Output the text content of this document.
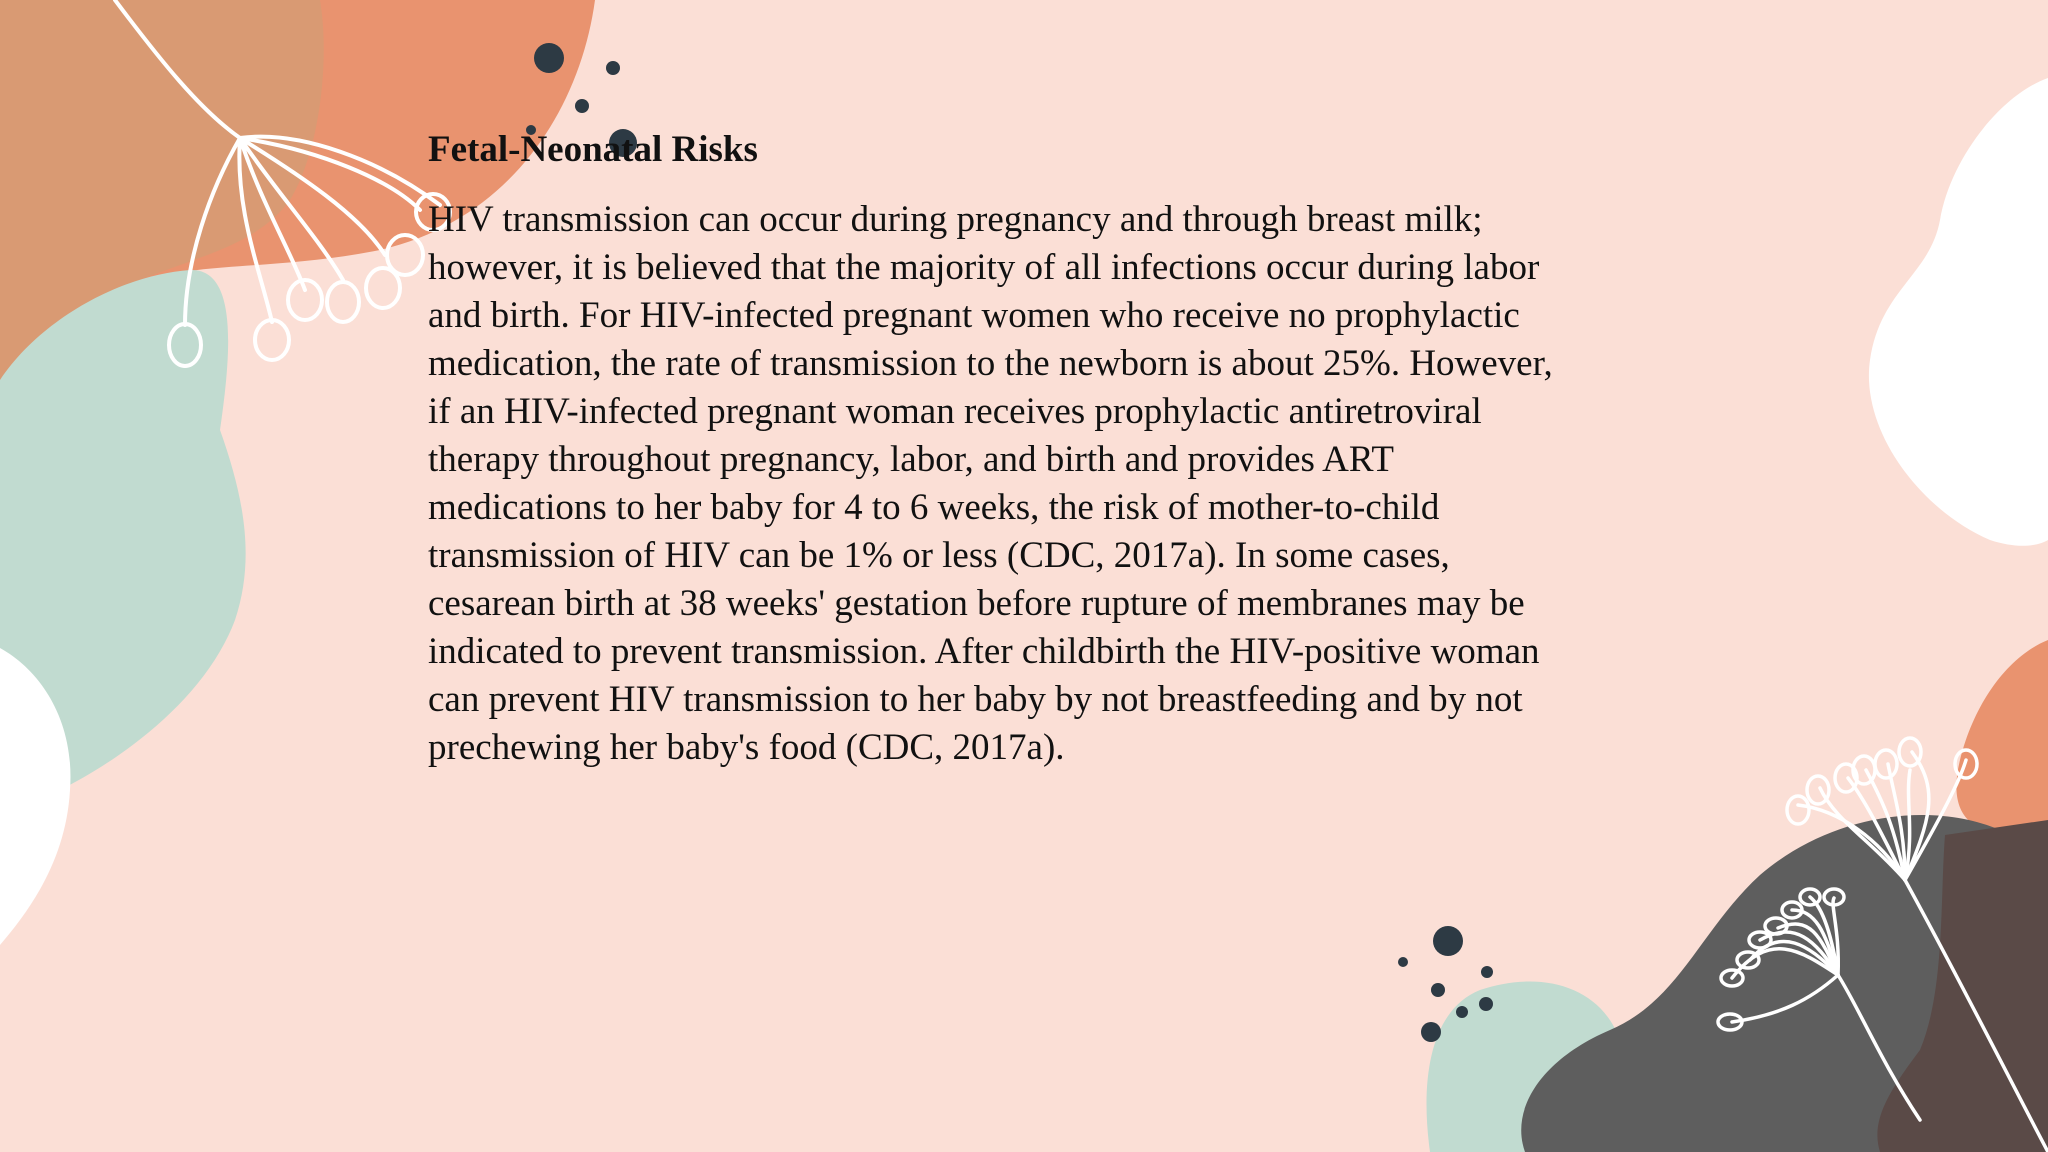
Fetal-Neonatal Risks

HIV transmission can occur during pregnancy and through breast milk; however, it is believed that the majority of all infections occur during labor and birth. For HIV-infected pregnant women who receive no prophylactic medication, the rate of transmission to the newborn is about 25%. However, if an HIV-infected pregnant woman receives prophylactic antiretroviral therapy throughout pregnancy, labor, and birth and provides ART medications to her baby for 4 to 6 weeks, the risk of mother-to-child transmission of HIV can be 1% or less (CDC, 2017a). In some cases, cesarean birth at 38 weeks' gestation before rupture of membranes may be indicated to prevent transmission. After childbirth the HIV-positive woman can prevent HIV transmission to her baby by not breastfeeding and by not prechewing her baby's food (CDC, 2017a).
